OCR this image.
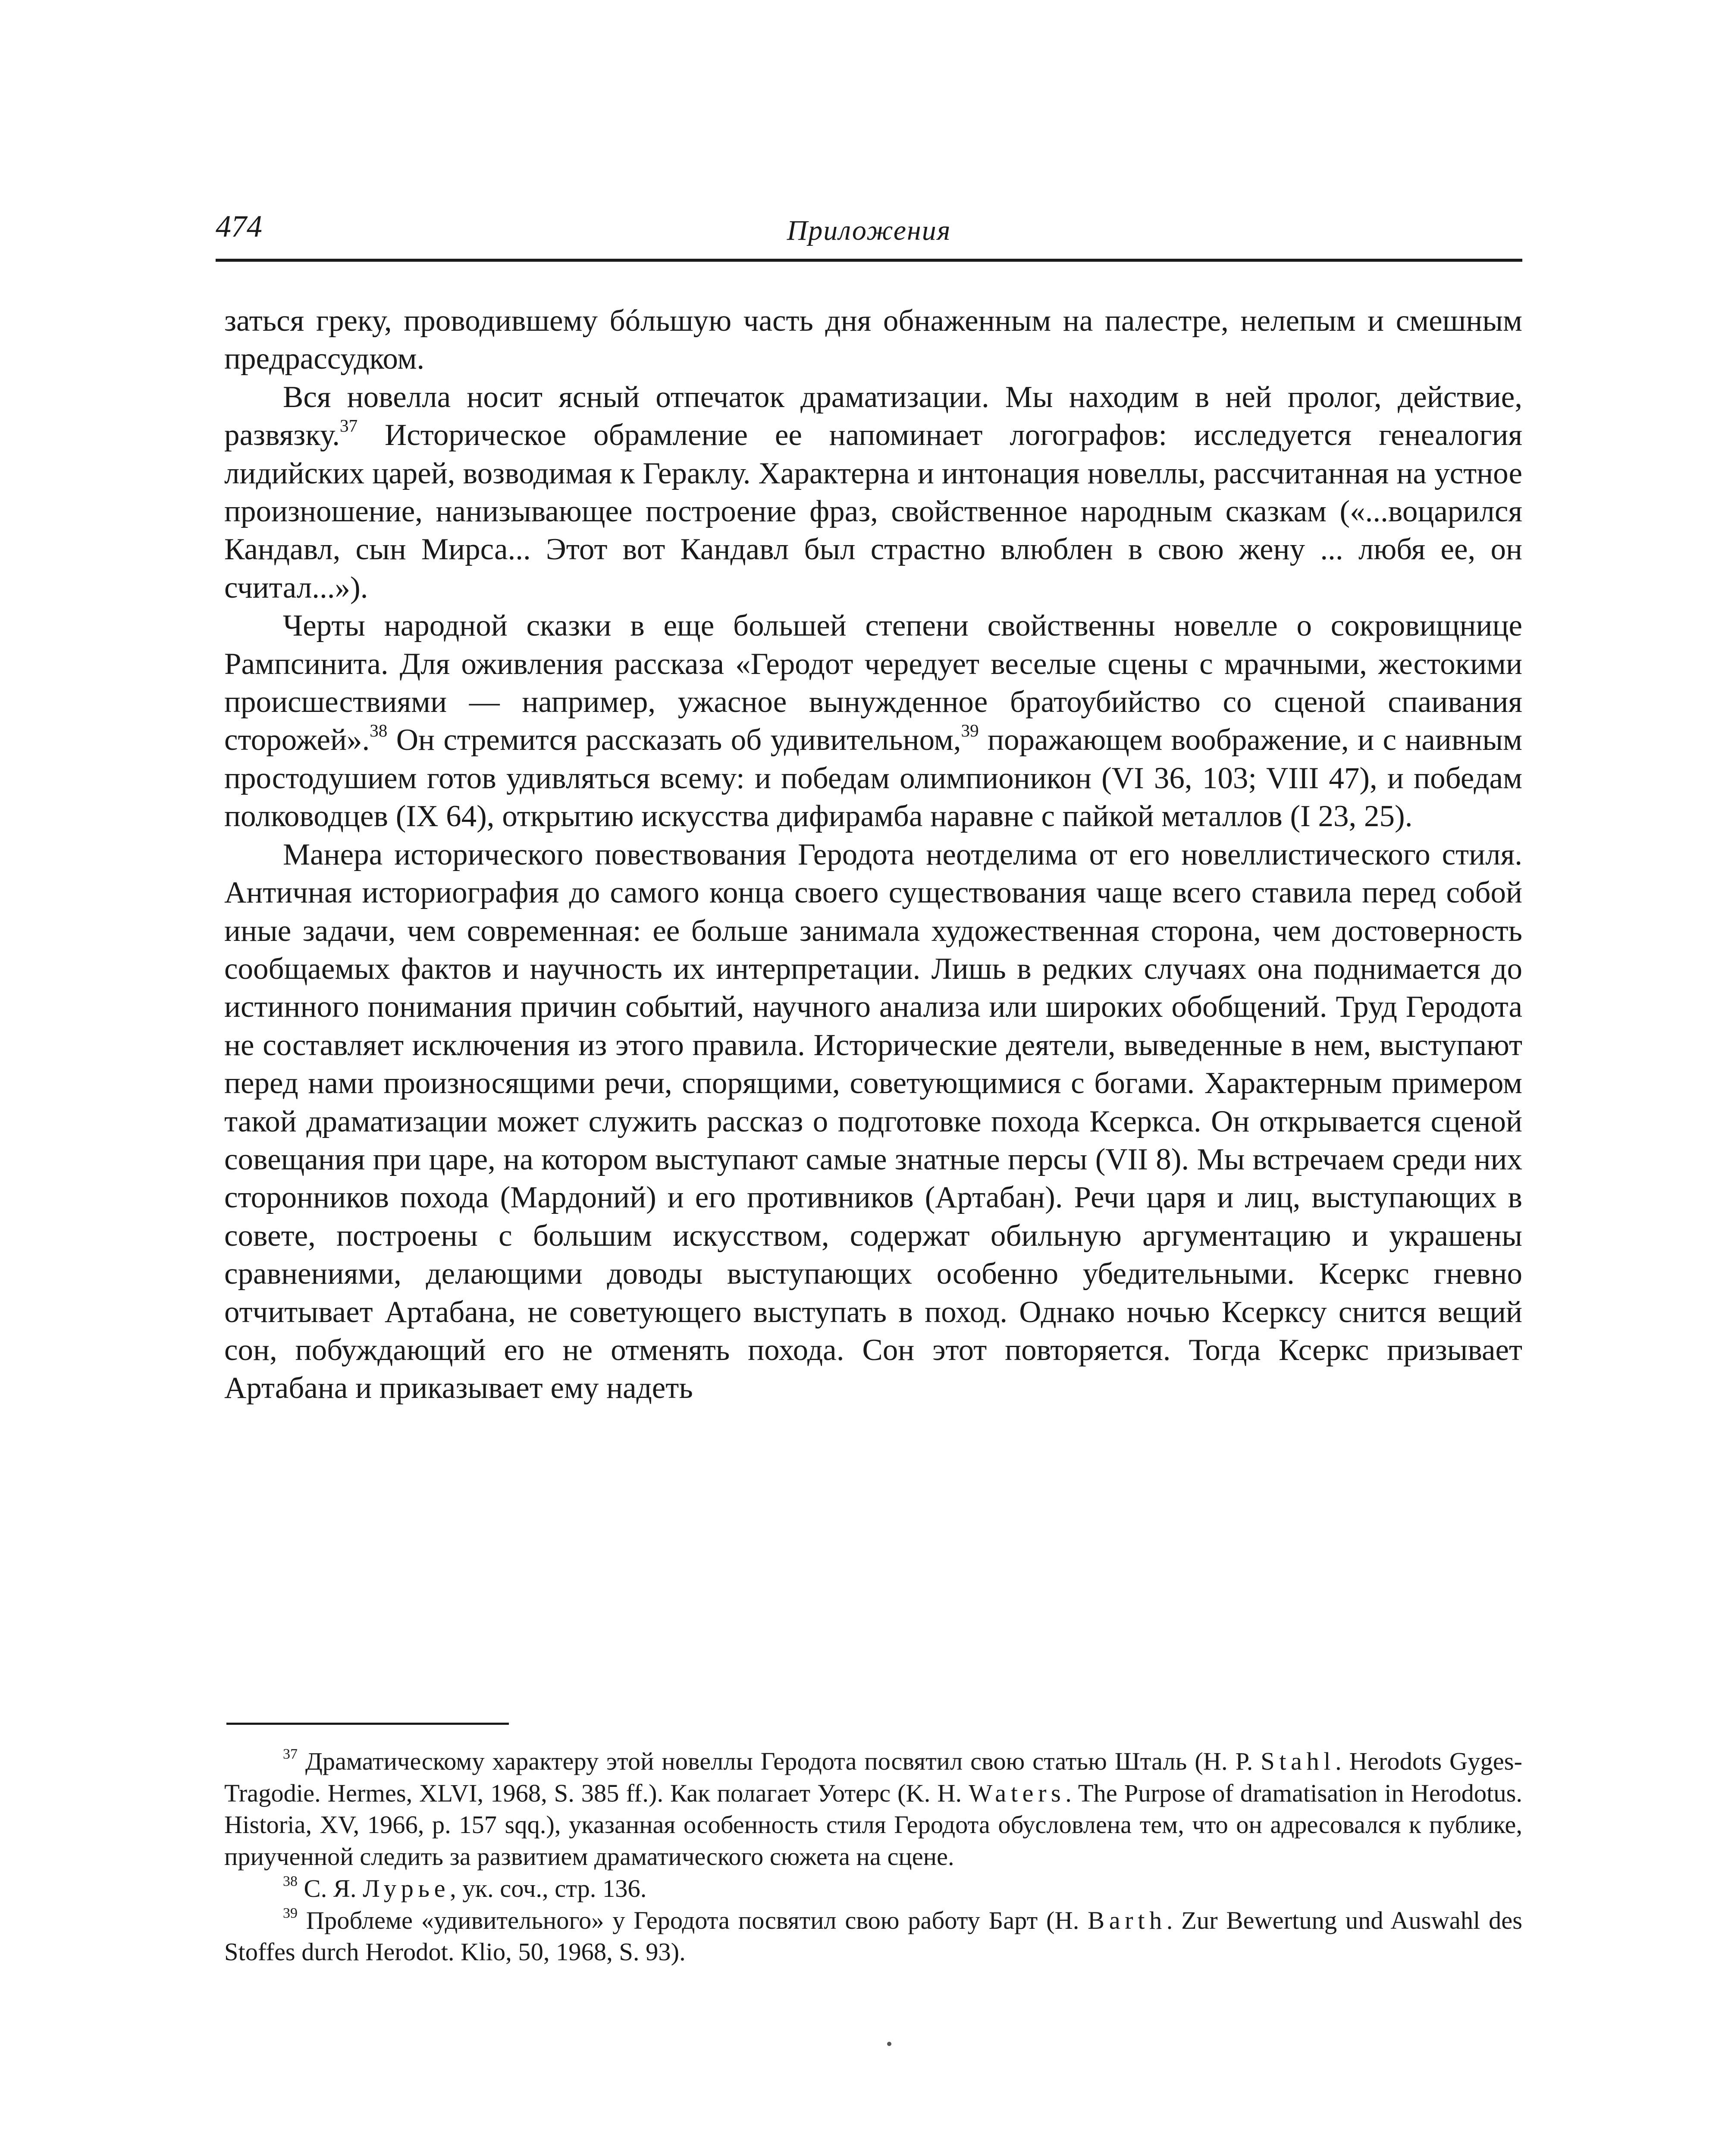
474	Приложения

заться греку, проводившему бóльшую часть дня обнаженным на палестре, нелепым и смешным предрассудком.

Вся новелла носит ясный отпечаток драматизации. Мы находим в ней пролог, действие, развязку.$^{37}$ Историческое обрамление ее напоминает логографов: исследуется генеалогия лидийских царей, возводимая к Гераклу. Характерна и интонация новеллы, рассчитанная на устное произношение, нанизывающее построение фраз, свойственное народным сказкам («...воцарился Кандавл, сын Мирса... Этот вот Кандавл был страстно влюблен в свою жену ... любя ее, он считал...»).

Черты народной сказки в еще большей степени свойственны новелле о сокровищнице Рампсинита. Для оживления рассказа «Геродот чередует веселые сцены с мрачными, жестокими происшествиями — например, ужасное вынужденное братоубийство со сценой спаивания сторожей».$^{38}$ Он стремится рассказать об удивительном,$^{39}$ поражающем воображение, и с наивным простодушием готов удивляться всему: и победам олимпионикон (VI 36, 103; VIII 47), и победам полководцев (IX 64), открытию искусства дифирамба наравне с пайкой металлов (I 23, 25).

Манера исторического повествования Геродота неотделима от его новеллистического стиля. Античная историография до самого конца своего существования чаще всего ставила перед собой иные задачи, чем современная: ее больше занимала художественная сторона, чем достоверность сообщаемых фактов и научность их интерпретации. Лишь в редких случаях она поднимается до истинного понимания причин событий, научного анализа или широких обобщений. Труд Геродота не составляет исключения из этого правила. Исторические деятели, выведенные в нем, выступают перед нами произносящими речи, спорящими, советующимися с богами. Характерным примером такой драматизации может служить рассказ о подготовке похода Ксеркса. Он открывается сценой совещания при царе, на котором выступают самые знатные персы (VII 8). Мы встречаем среди них сторонников похода (Мардоний) и его противников (Артабан). Речи царя и лиц, выступающих в совете, построены с большим искусством, содержат обильную аргументацию и украшены сравнениями, делающими доводы выступающих особенно убедительными. Ксеркс гневно отчитывает Артабана, не советующего выступать в поход. Однако ночью Ксерксу снится вещий сон, побуждающий его не отменять похода. Сон этот повторяется. Тогда Ксеркс призывает Артабана и приказывает ему надеть

$^{37}$ Драматическому характеру этой новеллы Геродота посвятил свою статью Шталь (H. P. Stahl. Herodots Gyges-Tragodie. Hermes, XLVI, 1968, S. 385 ff.). Как полагает Уотерс (K. H. Waters. The Purpose of dramatisation in Herodotus. Historia, XV, 1966, p. 157 sqq.), указанная особенность стиля Геродота обусловлена тем, что он адресовался к публике, приученной следить за развитием драматического сюжета на сцене.

$^{38}$ С. Я. Лурье, ук. соч., стр. 136.

$^{39}$ Проблеме «удивительного» у Геродота посвятил свою работу Барт (H. Barth. Zur Bewertung und Auswahl des Stoffes durch Herodot. Klio, 50, 1968, S. 93).
